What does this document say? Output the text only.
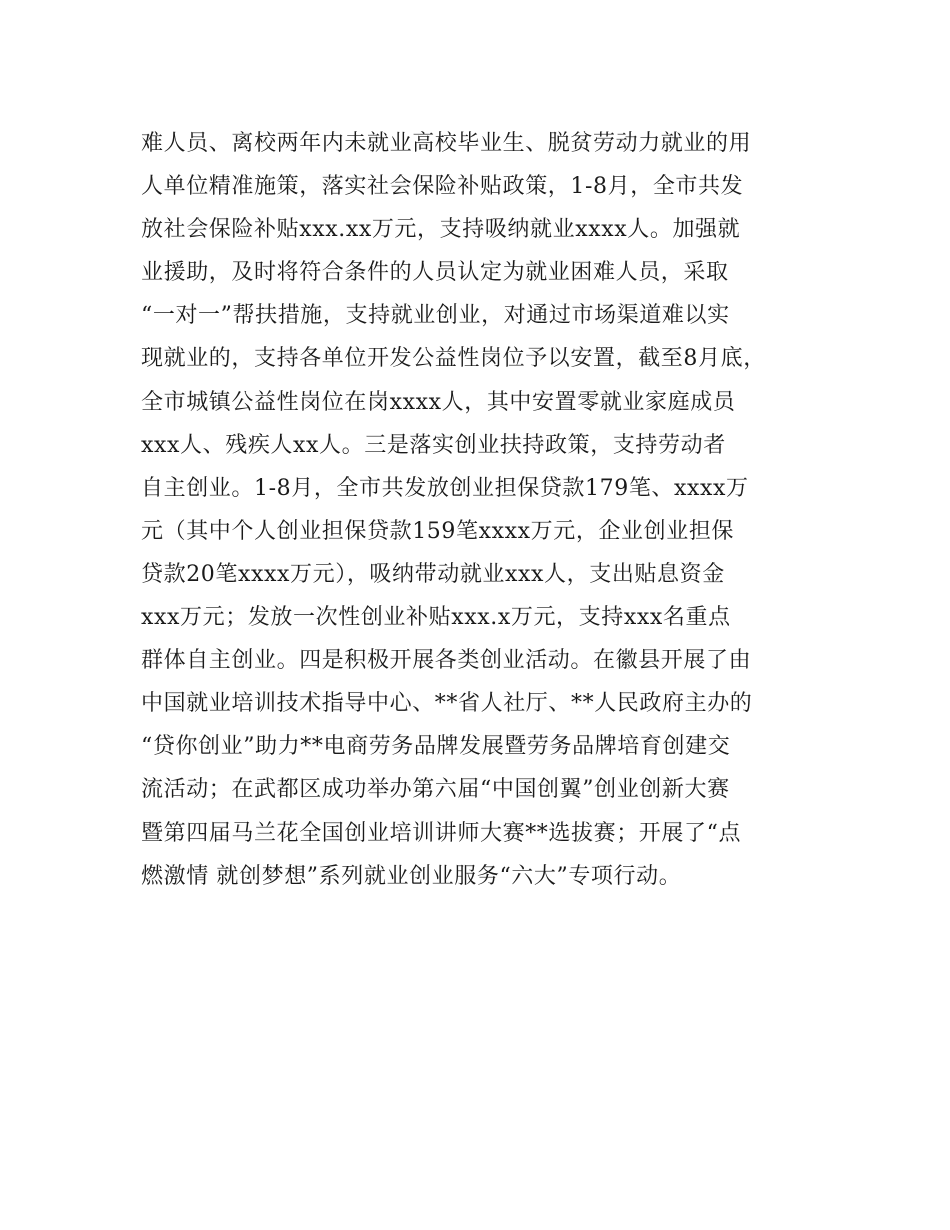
难人员、离校两年内未就业高校毕业生、脱贫劳动力就业的用
人单位精准施策，落实社会保险补贴政策，1-8月，全市共发
放社会保险补贴xxx.xx万元，支持吸纳就业xxxx人。加强就
业援助，及时将符合条件的人员认定为就业困难人员，采取
“一对一”帮扶措施，支持就业创业，对通过市场渠道难以实
现就业的，支持各单位开发公益性岗位予以安置，截至8月底，
全市城镇公益性岗位在岗xxxx人，其中安置零就业家庭成员
xxx人、残疾人xx人。三是落实创业扶持政策，支持劳动者
自主创业。1-8月，全市共发放创业担保贷款179笔、xxxx万
元（其中个人创业担保贷款159笔xxxx万元，企业创业担保
贷款20笔xxxx万元），吸纳带动就业xxx人，支出贴息资金
xxx万元；发放一次性创业补贴xxx.x万元，支持xxx名重点
群体自主创业。四是积极开展各类创业活动。在徽县开展了由
中国就业培训技术指导中心、**省人社厅、**人民政府主办的
“贷你创业”助力**电商劳务品牌发展暨劳务品牌培育创建交
流活动；在武都区成功举办第六届“中国创翼”创业创新大赛
暨第四届马兰花全国创业培训讲师大赛**选拔赛；开展了“点
燃激情 就创梦想”系列就业创业服务“六大”专项行动。
